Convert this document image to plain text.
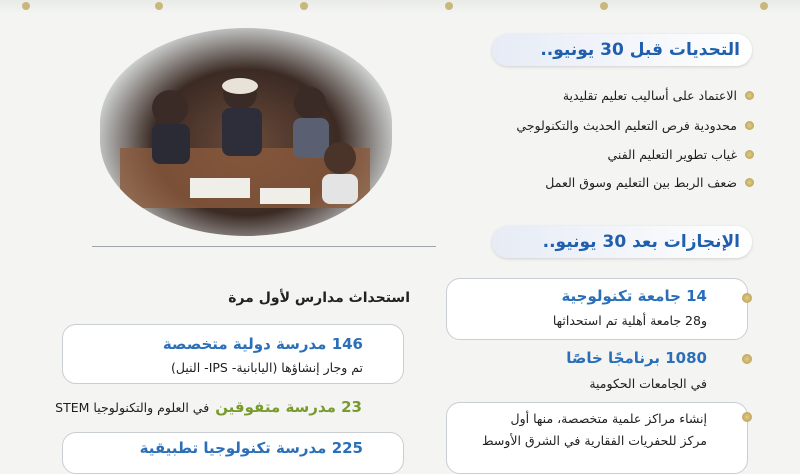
التحديات قبل 30 يونيو..
الاعتماد على أساليب تعليم تقليدية
محدودية فرص التعليم الحديث والتكنولوجي
غياب تطوير التعليم الفني
ضعف الربط بين التعليم وسوق العمل
الإنجازات بعد 30 يونيو..
14 جامعة تكنولوجية
و28 جامعة أهلية تم استحداثها
1080 برنامجًا خاصًا
في الجامعات الحكومية
إنشاء مراكز علمية متخصصة، منها أول
مركز للحفريات الفقارية في الشرق الأوسط
استحداث مدارس لأول مرة
146 مدرسة دولية متخصصة
تم وجار إنشاؤها (اليابانية- IPS- النيل)
23 مدرسة متفوقين
في العلوم والتكنولوجيا STEM
225 مدرسة تكنولوجيا تطبيقية
